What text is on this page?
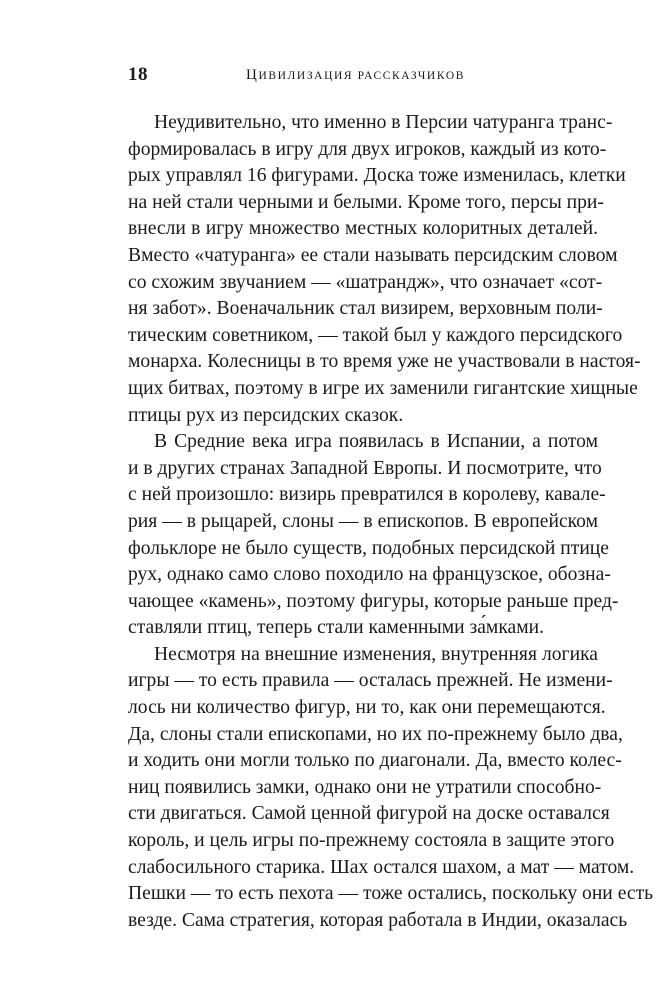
18	ЦИВИЛИЗАЦИЯ РАССКАЗЧИКОВ
Неудивительно, что именно в Персии чатуранга транс-
формировалась в игру для двух игроков, каждый из кото-
рых управлял 16 фигурами. Доска тоже изменилась, клетки
на ней стали черными и белыми. Кроме того, персы при-
внесли в игру множество местных колоритных деталей.
Вместо «чатуранга» ее стали называть персидским словом
со схожим звучанием — «шатрандж», что означает «сот-
ня забот». Военачальник стал визирем, верховным поли-
тическим советником, — такой был у каждого персидского
монарха. Колесницы в то время уже не участвовали в настоя-
щих битвах, поэтому в игре их заменили гигантские хищные
птицы рух из персидских сказок.
В Средние века игра появилась в Испании, а потом
и в других странах Западной Европы. И посмотрите, что
с ней произошло: визирь превратился в королеву, кавале-
рия — в рыцарей, слоны — в епископов. В европейском
фольклоре не было существ, подобных персидской птице
рух, однако само слово походило на французское, обозна-
чающее «камень», поэтому фигуры, которые раньше пред-
ставляли птиц, теперь стали каменными за́мками.
Несмотря на внешние изменения, внутренняя логика
игры — то есть правила — осталась прежней. Не измени-
лось ни количество фигур, ни то, как они перемещаются.
Да, слоны стали епископами, но их по-прежнему было два,
и ходить они могли только по диагонали. Да, вместо колес-
ниц появились замки, однако они не утратили способно-
сти двигаться. Самой ценной фигурой на доске оставался
король, и цель игры по-прежнему состояла в защите этого
слабосильного старика. Шах остался шахом, а мат — матом.
Пешки — то есть пехота — тоже остались, поскольку они есть
везде. Сама стратегия, которая работала в Индии, оказалась
